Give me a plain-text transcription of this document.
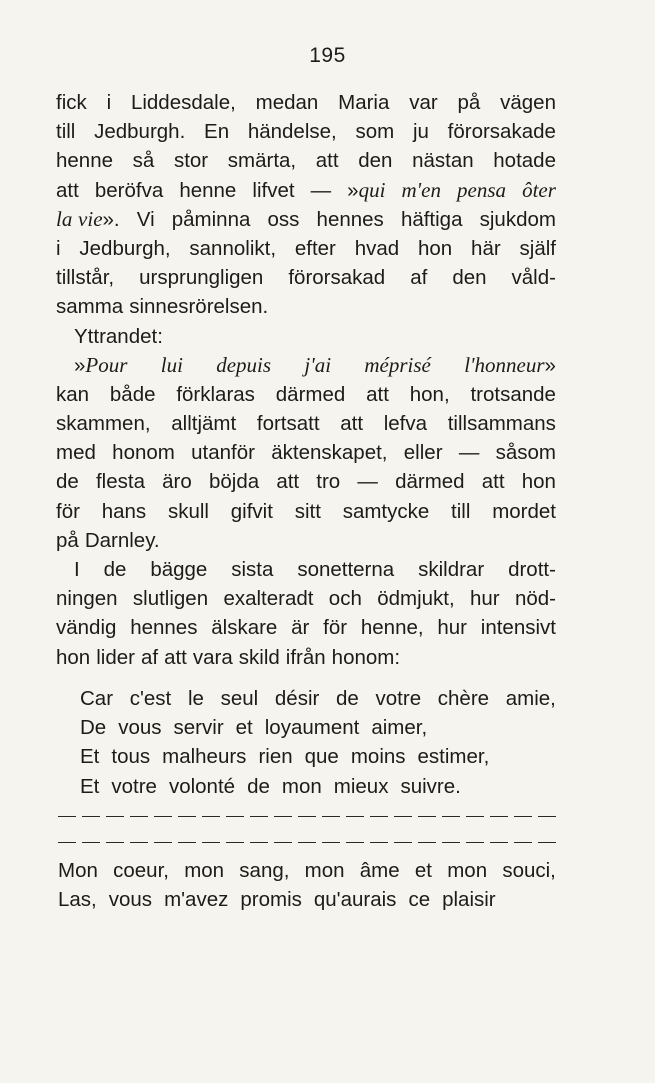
195
fick i Liddesdale, medan Maria var på vägen
till Jedburgh. En händelse, som ju förorsakade
henne så stor smärta, att den nästan hotade
att beröfva henne lifvet — »qui m'en pensa ôter
la vie». Vi påminna oss hennes häftiga sjukdom
i Jedburgh, sannolikt, efter hvad hon här själf
tillstår, ursprungligen förorsakad af den våld-
samma sinnesrörelsen.
Yttrandet:
»Pour lui depuis j'ai méprisé l'honneur»
kan både förklaras därmed att hon, trotsande
skammen, alltjämt fortsatt att lefva tillsammans
med honom utanför äktenskapet, eller — såsom
de flesta äro böjda att tro — därmed att hon
för hans skull gifvit sitt samtycke till mordet
på Darnley.
I de bägge sista sonetterna skildrar drott-
ningen slutligen exalteradt och ödmjukt, hur nöd-
vändig hennes älskare är för henne, hur intensivt
hon lider af att vara skild ifrån honom:
Car c'est le seul désir de votre chère amie,
De vous servir et loyaument aimer,
Et tous malheurs rien que moins estimer,
Et votre volonté de mon mieux suivre.
Mon coeur, mon sang, mon âme et mon souci,
Las, vous m'avez promis qu'aurais ce plaisir
